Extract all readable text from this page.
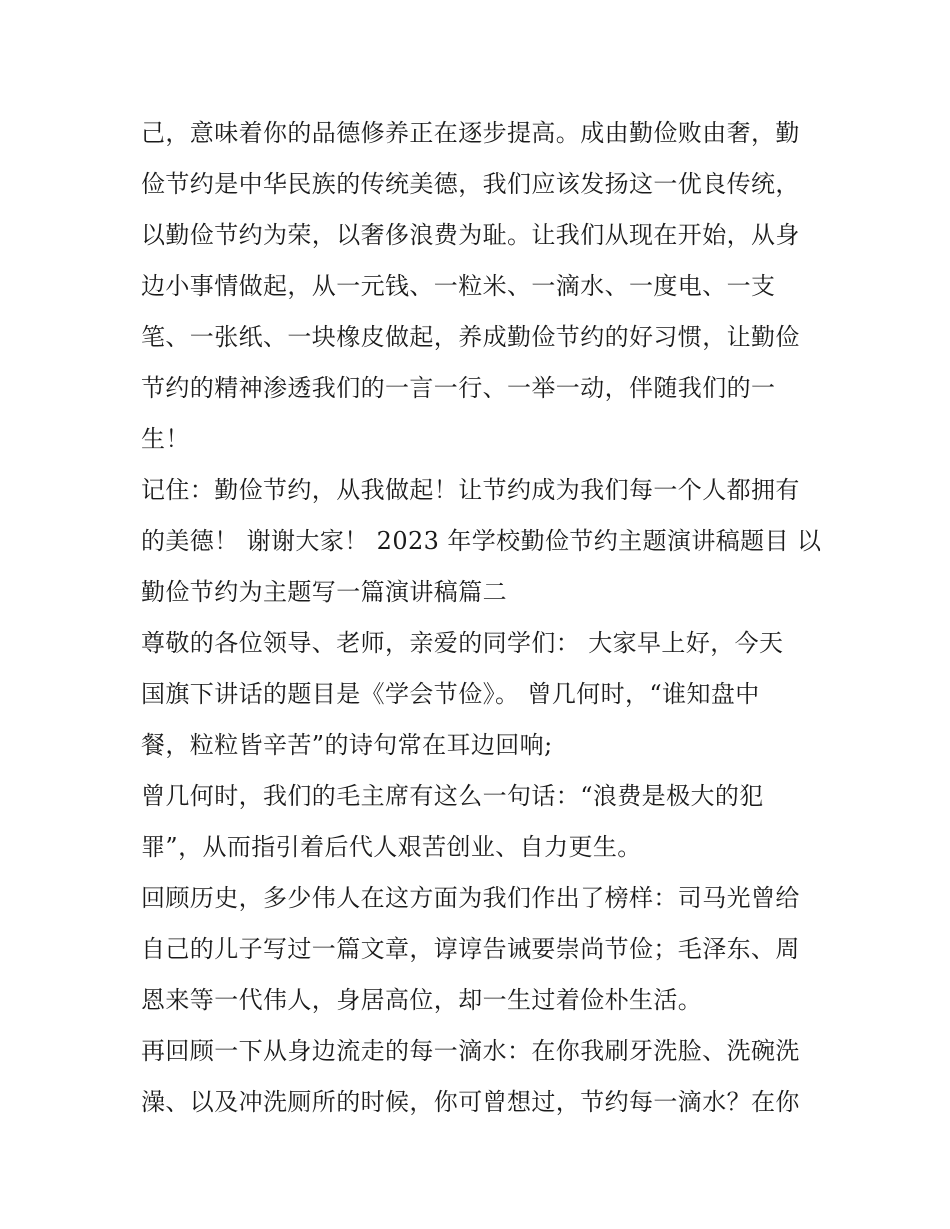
己，意味着你的品德修养正在逐步提高。成由勤俭败由奢，勤
俭节约是中华民族的传统美德，我们应该发扬这一优良传统，
以勤俭节约为荣，以奢侈浪费为耻。让我们从现在开始，从身
边小事情做起，从一元钱、一粒米、一滴水、一度电、一支
笔、一张纸、一块橡皮做起，养成勤俭节约的好习惯，让勤俭
节约的精神渗透我们的一言一行、一举一动，伴随我们的一
生！
记住：勤俭节约，从我做起！让节约成为我们每一个人都拥有
的美德！ 谢谢大家！ 2023 年学校勤俭节约主题演讲稿题目 以
勤俭节约为主题写一篇演讲稿篇二
尊敬的各位领导、老师，亲爱的同学们： 大家早上好，今天
国旗下讲话的题目是《学会节俭》。 曾几何时，“谁知盘中
餐，粒粒皆辛苦”的诗句常在耳边回响;
曾几何时，我们的毛主席有这么一句话：“浪费是极大的犯
罪”，从而指引着后代人艰苦创业、自力更生。
回顾历史，多少伟人在这方面为我们作出了榜样：司马光曾给
自己的儿子写过一篇文章，谆谆告诫要崇尚节俭；毛泽东、周
恩来等一代伟人，身居高位，却一生过着俭朴生活。
再回顾一下从身边流走的每一滴水：在你我刷牙洗脸、洗碗洗
澡、以及冲洗厕所的时候，你可曾想过，节约每一滴水？在你
